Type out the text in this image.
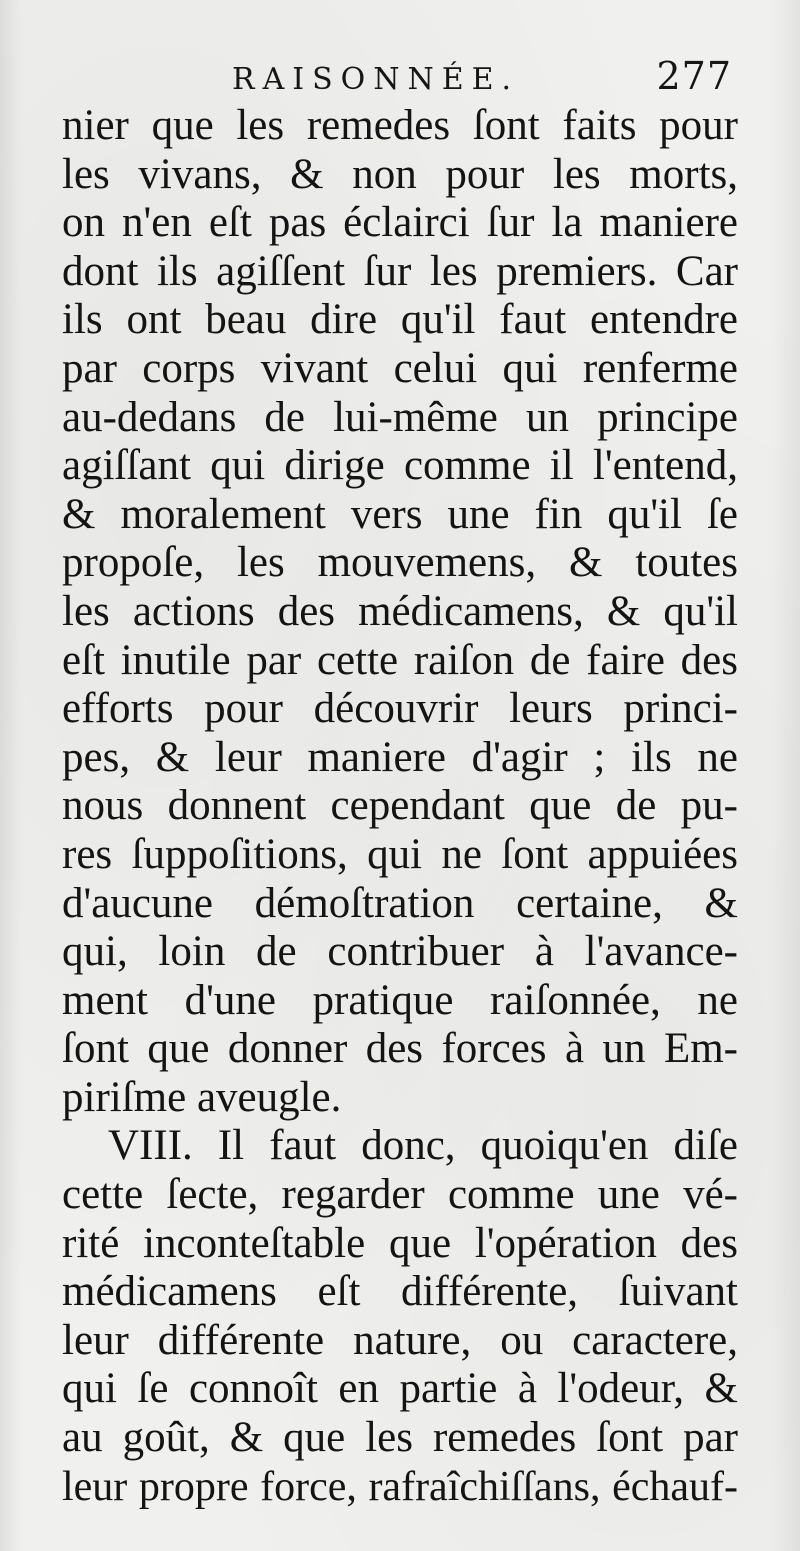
RAISONNÉE.	277
nier que les remedes ſont faits pour
les vivans, & non pour les morts,
on n'en eſt pas éclairci ſur la maniere
dont ils agiſſent ſur les premiers. Car
ils ont beau dire qu'il faut entendre
par corps vivant celui qui renferme
au-dedans de lui-même un principe
agiſſant qui dirige comme il l'entend,
& moralement vers une fin qu'il ſe
propoſe, les mouvemens, & toutes
les actions des médicamens, & qu'il
eſt inutile par cette raiſon de faire des
efforts pour découvrir leurs princi-
pes, & leur maniere d'agir ; ils ne
nous donnent cependant que de pu-
res ſuppoſitions, qui ne ſont appuiées
d'aucune démoſtration certaine, &
qui, loin de contribuer à l'avance-
ment d'une pratique raiſonnée, ne
ſont que donner des forces à un Em-
piriſme aveugle.
VIII. Il faut donc, quoiqu'en diſe
cette ſecte, regarder comme une vé-
rité inconteſtable que l'opération des
médicamens eſt différente, ſuivant
leur différente nature, ou caractere,
qui ſe connoît en partie à l'odeur, &
au goût, & que les remedes ſont par
leur propre force, rafraîchiſſans, échauf-
